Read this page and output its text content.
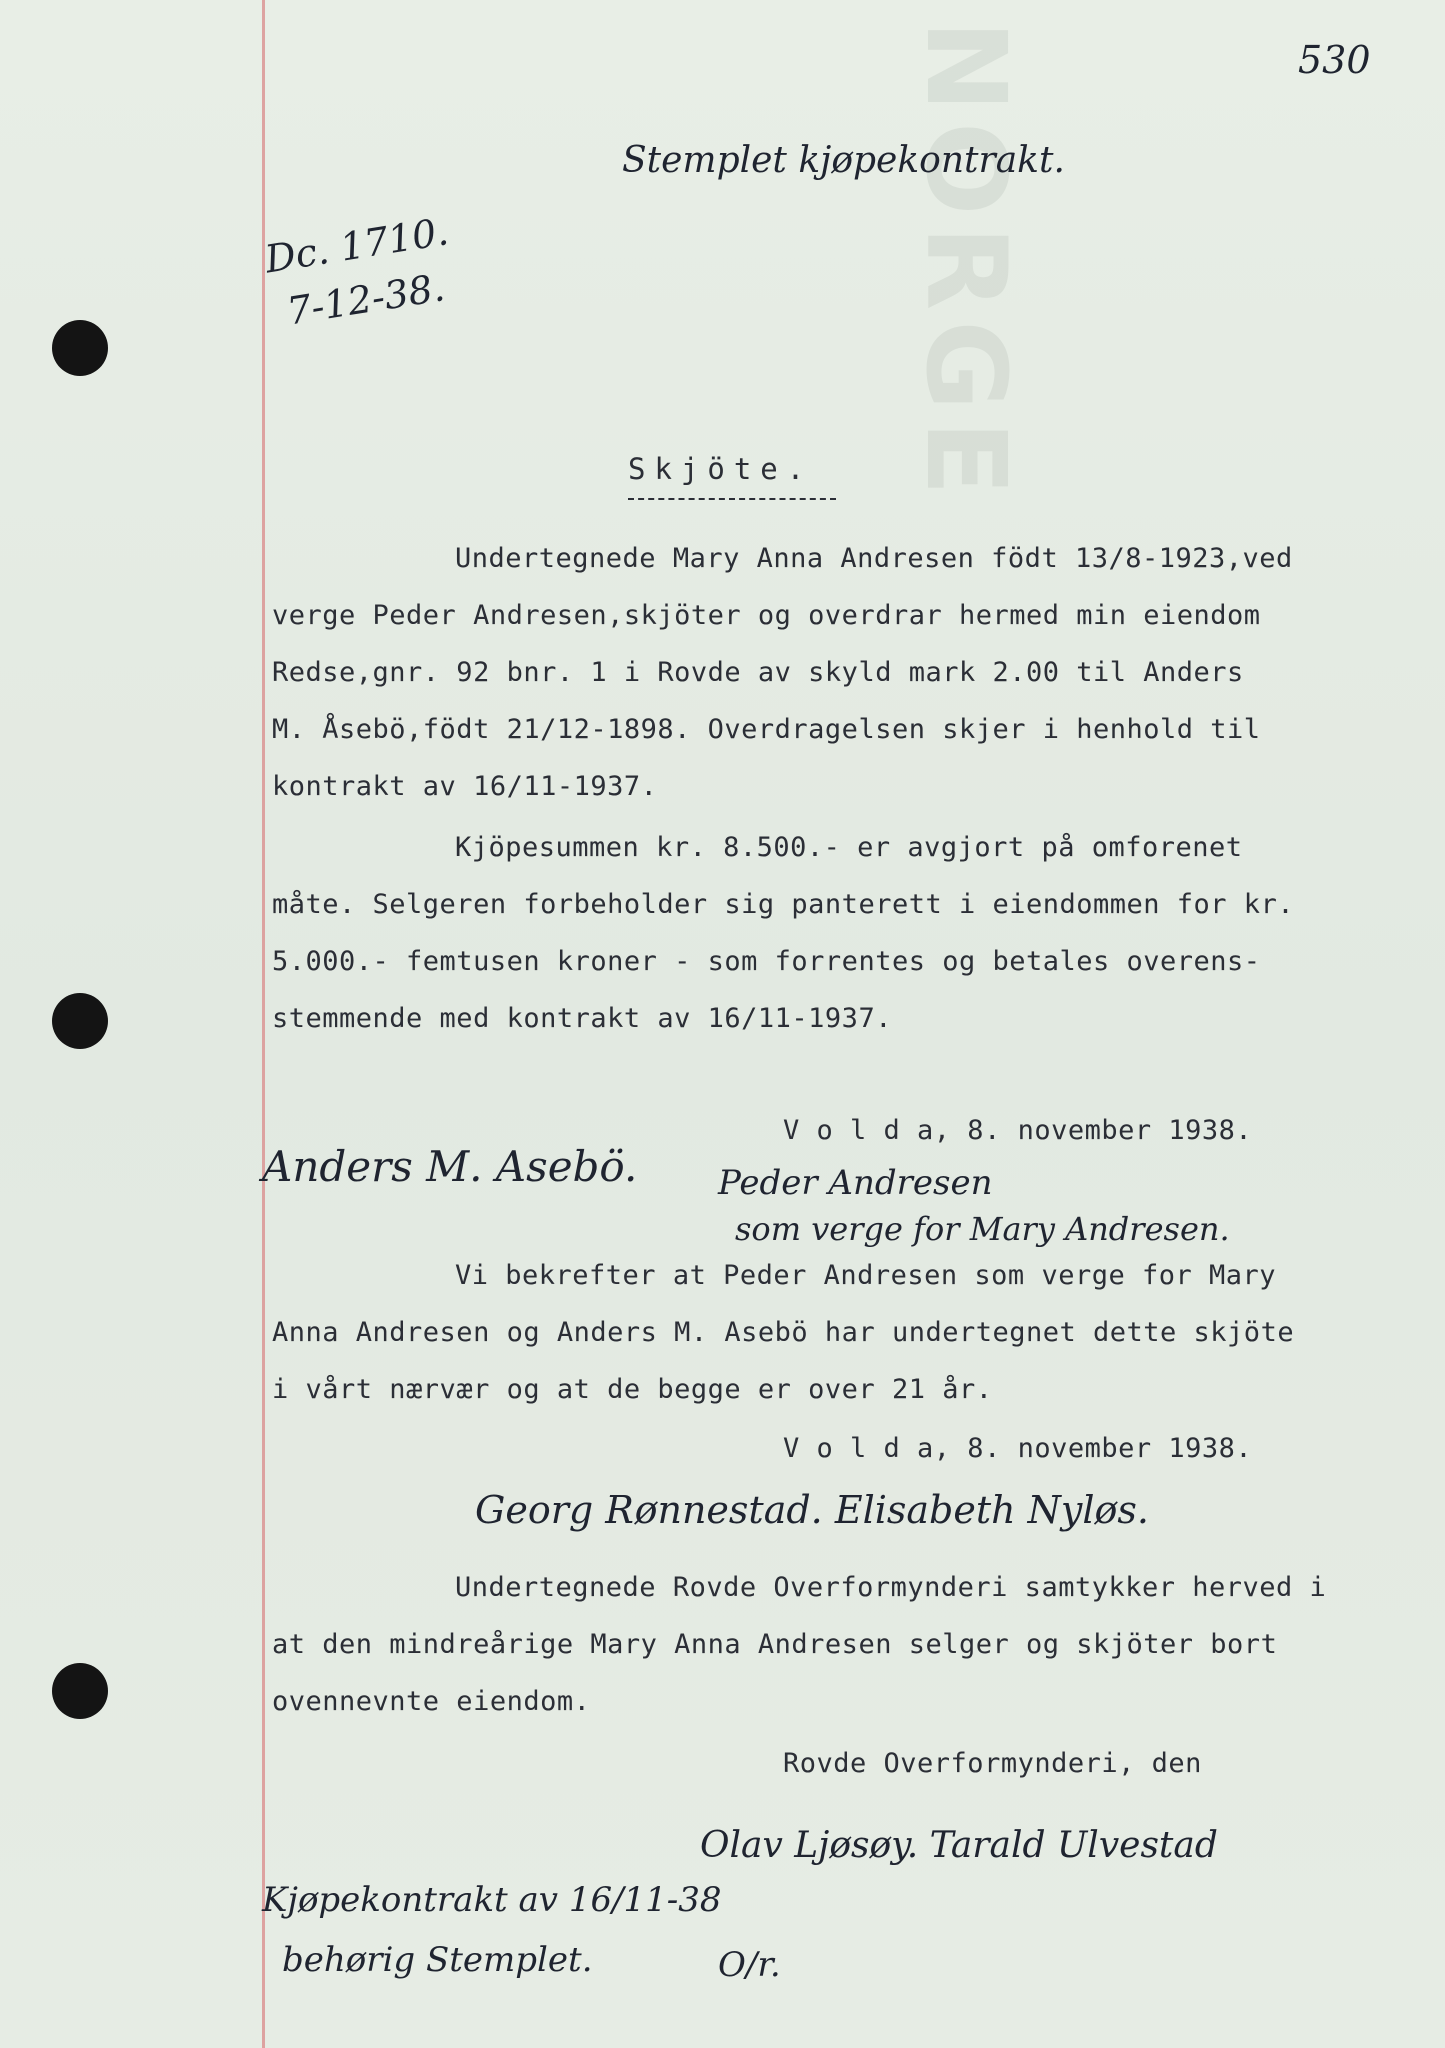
NORGE	530
Stemplet kjøpekontrakt.
Dc. 1710.
7-12-38.
Skjöte.
Undertegnede Mary Anna Andresen födt 13/8-1923,ved
verge Peder Andresen,skjöter og overdrar hermed min eiendom
Redse,gnr. 92 bnr. 1 i Rovde av skyld mark 2.00 til Anders
M. Åsebö,födt 21/12-1898. Overdragelsen skjer i henhold til
kontrakt av 16/11-1937.
Kjöpesummen kr. 8.500.- er avgjort på omforenet
måte. Selgeren forbeholder sig panterett i eiendommen for kr.
5.000.- femtusen kroner - som forrentes og betales overens-
stemmende med kontrakt av 16/11-1937.
V o l d a, 8. november 1938.
Anders M. Asebö. Peder Andresen
som verge for Mary Andresen.
Vi bekrefter at Peder Andresen som verge for Mary
Anna Andresen og Anders M. Asebö har undertegnet dette skjöte
i vårt nærvær og at de begge er over 21 år.
V o l d a, 8. november 1938.
Georg Rønnestad. Elisabeth Nyløs.
Undertegnede Rovde Overformynderi samtykker herved i
at den mindreårige Mary Anna Andresen selger og skjöter bort
ovennevnte eiendom.
Rovde Overformynderi, den
Olav Ljøsøy. Tarald Ulvestad
Kjøpekontrakt av 16/11-38
behørig Stemplet.	O/r.
